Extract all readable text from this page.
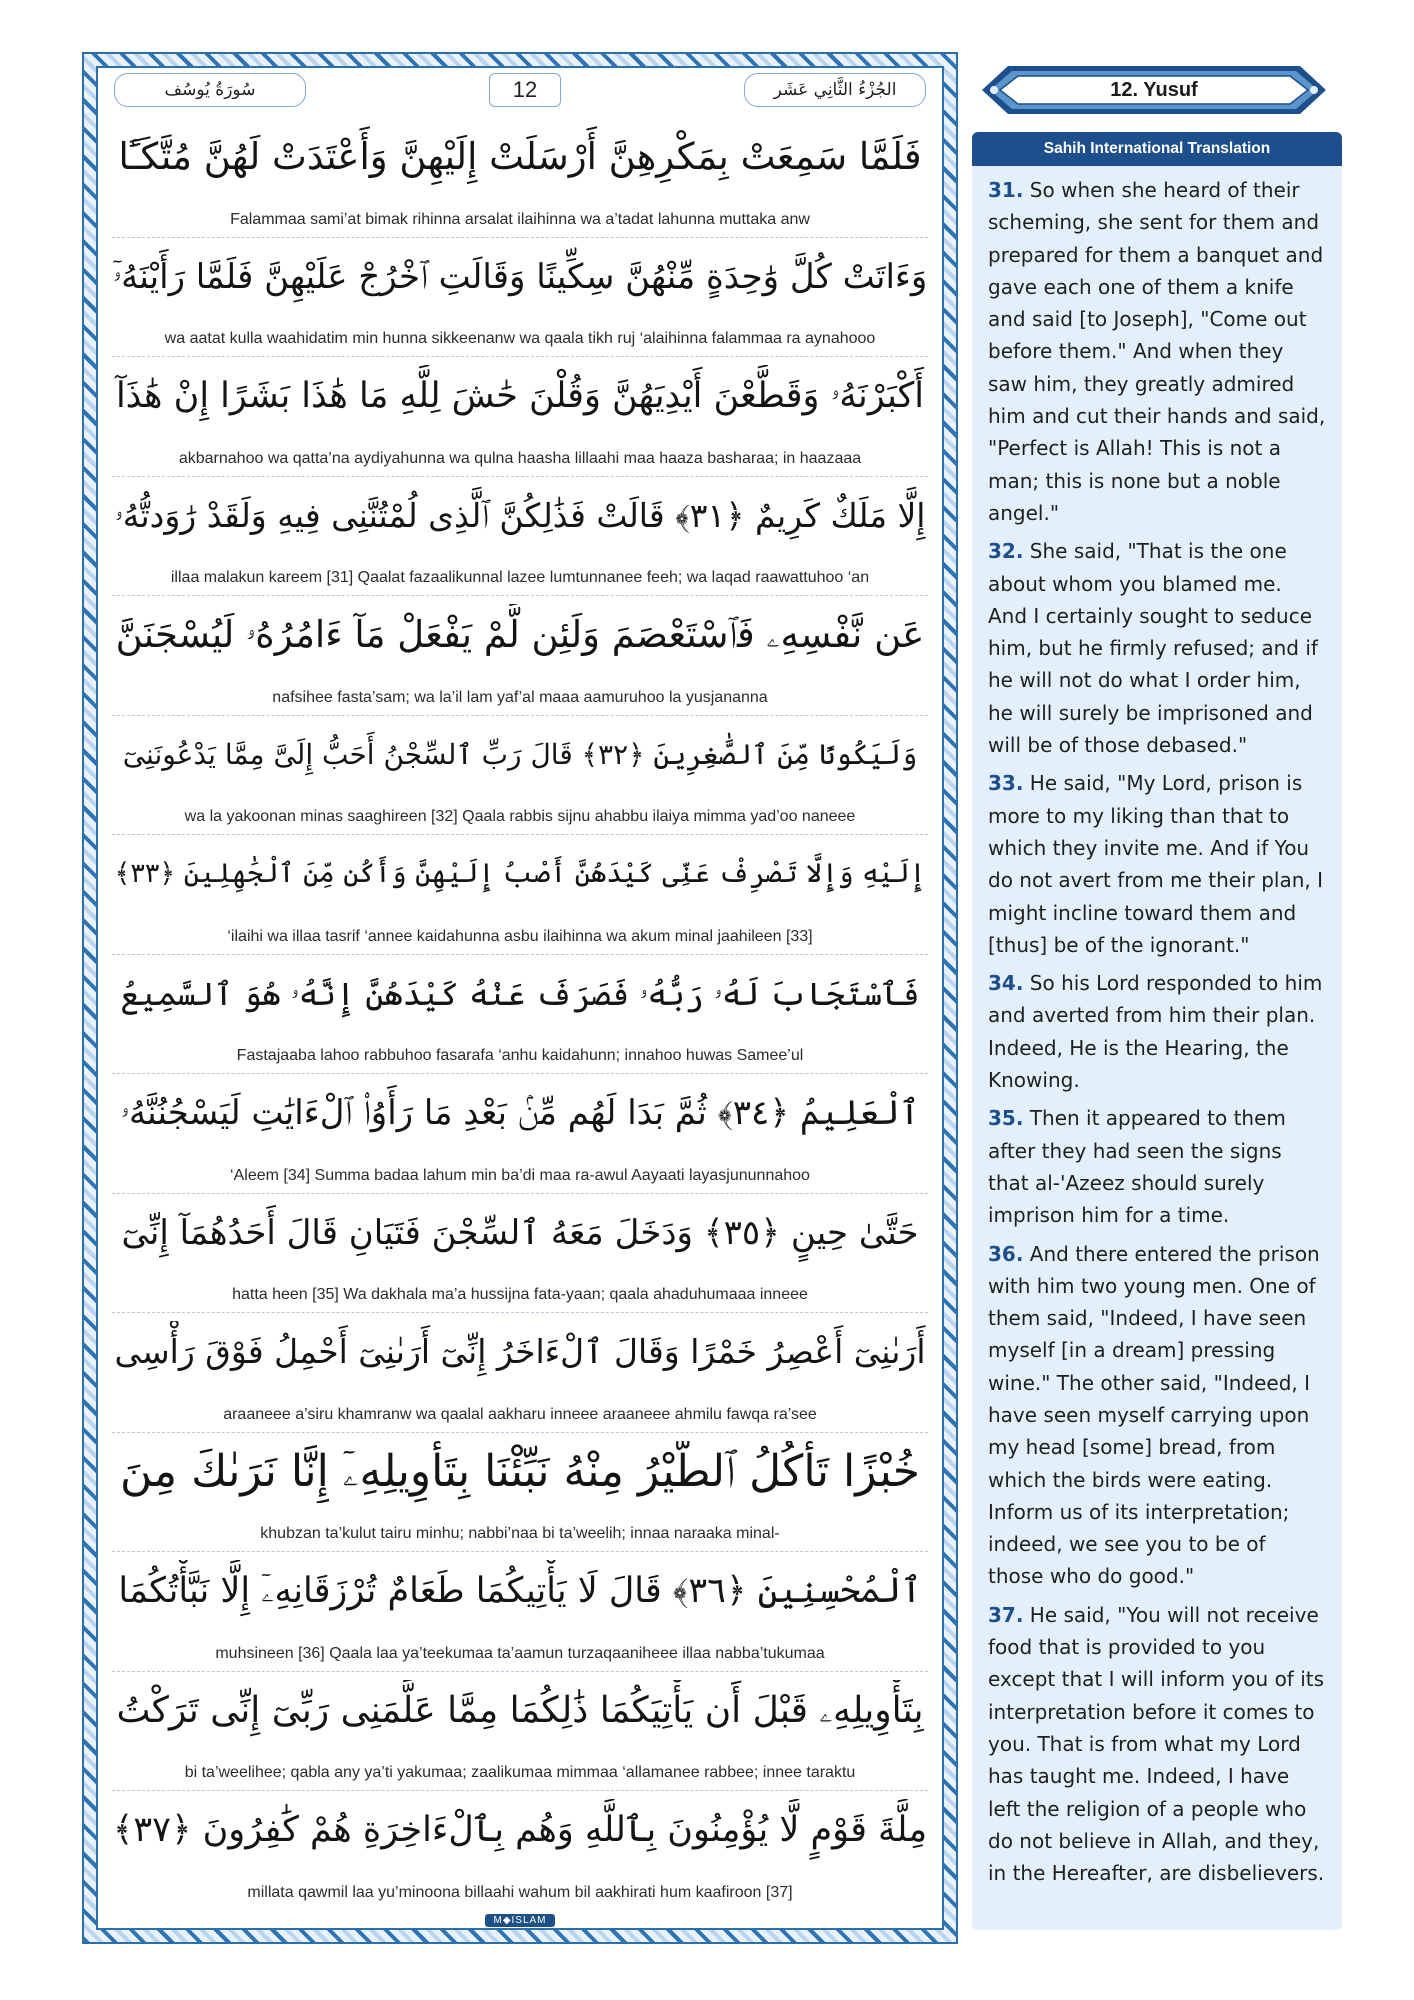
سُورَةُ يُوسُف	12	الجُزْءُ الثَّانِي عَشَر
فَلَمَّا سَمِعَتْ بِمَكْرِهِنَّ أَرْسَلَتْ إِلَيْهِنَّ وَأَعْتَدَتْ لَهُنَّ مُتَّكَـًٔا
Falammaa sami’at bimak rihinna arsalat ilaihinna wa a’tadat lahunna muttaka anw
وَءَاتَتْ كُلَّ وَٰحِدَةٍ مِّنْهُنَّ سِكِّينًا وَقَالَتِ ٱخْرُجْ عَلَيْهِنَّ فَلَمَّا رَأَيْنَهُۥٓ
wa aatat kulla waahidatim min hunna sikkeenanw wa qaala tikh ruj ‘alaihinna falammaa ra aynahooo
أَكْبَرْنَهُۥ وَقَطَّعْنَ أَيْدِيَهُنَّ وَقُلْنَ حَٰشَ لِلَّهِ مَا هَٰذَا بَشَرًا إِنْ هَٰذَآ
akbarnahoo wa qatta’na aydiyahunna wa qulna haasha lillaahi maa haaza basharaa; in haazaaa
إِلَّا مَلَكٌ كَرِيمٌ ﴿٣١﴾ قَالَتْ فَذَٰلِكُنَّ ٱلَّذِى لُمْتُنَّنِى فِيهِ وَلَقَدْ رَٰوَدتُّهُۥ
illaa malakun kareem [31] Qaalat fazaalikunnal lazee lumtunnanee feeh; wa laqad raawattuhoo ‘an
عَن نَّفْسِهِۦ فَٱسْتَعْصَمَ وَلَئِن لَّمْ يَفْعَلْ مَآ ءَامُرُهُۥ لَيُسْجَنَنَّ
nafsihee fasta’sam; wa la’il lam yaf’al maaa aamuruhoo la yusjananna
وَلَيَكُونًا مِّنَ ٱلصَّٰغِرِينَ ﴿٣٢﴾ قَالَ رَبِّ ٱلسِّجْنُ أَحَبُّ إِلَىَّ مِمَّا يَدْعُونَنِىٓ
wa la yakoonan minas saaghireen [32] Qaala rabbis sijnu ahabbu ilaiya mimma yad’oo naneee
إِلَيْهِ وَإِلَّا تَصْرِفْ عَنِّى كَيْدَهُنَّ أَصْبُ إِلَيْهِنَّ وَأَكُن مِّنَ ٱلْجَٰهِلِينَ ﴿٣٣﴾
‘ilaihi wa illaa tasrif ‘annee kaidahunna asbu ilaihinna wa akum minal jaahileen [33]
فَٱسْتَجَابَ لَهُۥ رَبُّهُۥ فَصَرَفَ عَنْهُ كَيْدَهُنَّ إِنَّهُۥ هُوَ ٱلسَّمِيعُ
Fastajaaba lahoo rabbuhoo fasarafa ‘anhu kaidahunn; innahoo huwas Samee’ul
ٱلْعَلِيمُ ﴿٣٤﴾ ثُمَّ بَدَا لَهُم مِّنۢ بَعْدِ مَا رَأَوُا۟ ٱلْءَايَٰتِ لَيَسْجُنُنَّهُۥ
‘Aleem [34] Summa badaa lahum min ba’di maa ra-awul Aayaati layasjununnahoo
حَتَّىٰ حِينٍ ﴿٣٥﴾ وَدَخَلَ مَعَهُ ٱلسِّجْنَ فَتَيَانِ قَالَ أَحَدُهُمَآ إِنِّىٓ
hatta heen [35] Wa dakhala ma’a hussijna fata-yaan; qaala ahaduhumaaa inneee
أَرَىٰنِىٓ أَعْصِرُ خَمْرًا وَقَالَ ٱلْءَاخَرُ إِنِّىٓ أَرَىٰنِىٓ أَحْمِلُ فَوْقَ رَأْسِى
araaneee a’siru khamranw wa qaalal aakharu inneee araaneee ahmilu fawqa ra’see
خُبْزًا تَأْكُلُ ٱلطَّيْرُ مِنْهُ نَبِّئْنَا بِتَأْوِيلِهِۦٓ إِنَّا نَرَىٰكَ مِنَ
khubzan ta’kulut tairu minhu; nabbi’naa bi ta’weelih; innaa naraaka minal-
ٱلْمُحْسِنِينَ ﴿٣٦﴾ قَالَ لَا يَأْتِيكُمَا طَعَامٌ تُرْزَقَانِهِۦٓ إِلَّا نَبَّأْتُكُمَا
muhsineen [36] Qaala laa ya’teekumaa ta’aamun turzaqaaniheee illaa nabba’tukumaa
بِتَأْوِيلِهِۦ قَبْلَ أَن يَأْتِيَكُمَا ذَٰلِكُمَا مِمَّا عَلَّمَنِى رَبِّىٓ إِنِّى تَرَكْتُ
bi ta’weelihee; qabla any ya’ti yakumaa; zaalikumaa mimmaa ‘allamanee rabbee; innee taraktu
مِلَّةَ قَوْمٍ لَّا يُؤْمِنُونَ بِٱللَّهِ وَهُم بِٱلْءَاخِرَةِ هُمْ كَٰفِرُونَ ﴿٣٧﴾
millata qawmil laa yu’minoona billaahi wahum bil aakhirati hum kaafiroon [37]
M◆ISLAM
12. Yusuf
Sahih International Translation

31. So when she heard of their scheming, she sent for them and prepared for them a banquet and gave each one of them a knife and said [to Joseph], "Come out before them." And when they saw him, they greatly admired him and cut their hands and said, "Perfect is Allah! This is not a man; this is none but a noble angel."

32. She said, "That is the one about whom you blamed me. And I certainly sought to seduce him, but he firmly refused; and if he will not do what I order him, he will surely be imprisoned and will be of those debased."

33. He said, "My Lord, prison is more to my liking than that to which they invite me. And if You do not avert from me their plan, I might incline toward them and [thus] be of the ignorant."

34. So his Lord responded to him and averted from him their plan. Indeed, He is the Hearing, the Knowing.

35. Then it appeared to them after they had seen the signs that al-'Azeez should surely imprison him for a time.

36. And there entered the prison with him two young men. One of them said, "Indeed, I have seen myself [in a dream] pressing wine." The other said, "Indeed, I have seen myself carrying upon my head [some] bread, from which the birds were eating. Inform us of its interpretation; indeed, we see you to be of those who do good."

37. He said, "You will not receive food that is provided to you except that I will inform you of its interpretation before it comes to you. That is from what my Lord has taught me. Indeed, I have left the religion of a people who do not believe in Allah, and they, in the Hereafter, are disbelievers.
